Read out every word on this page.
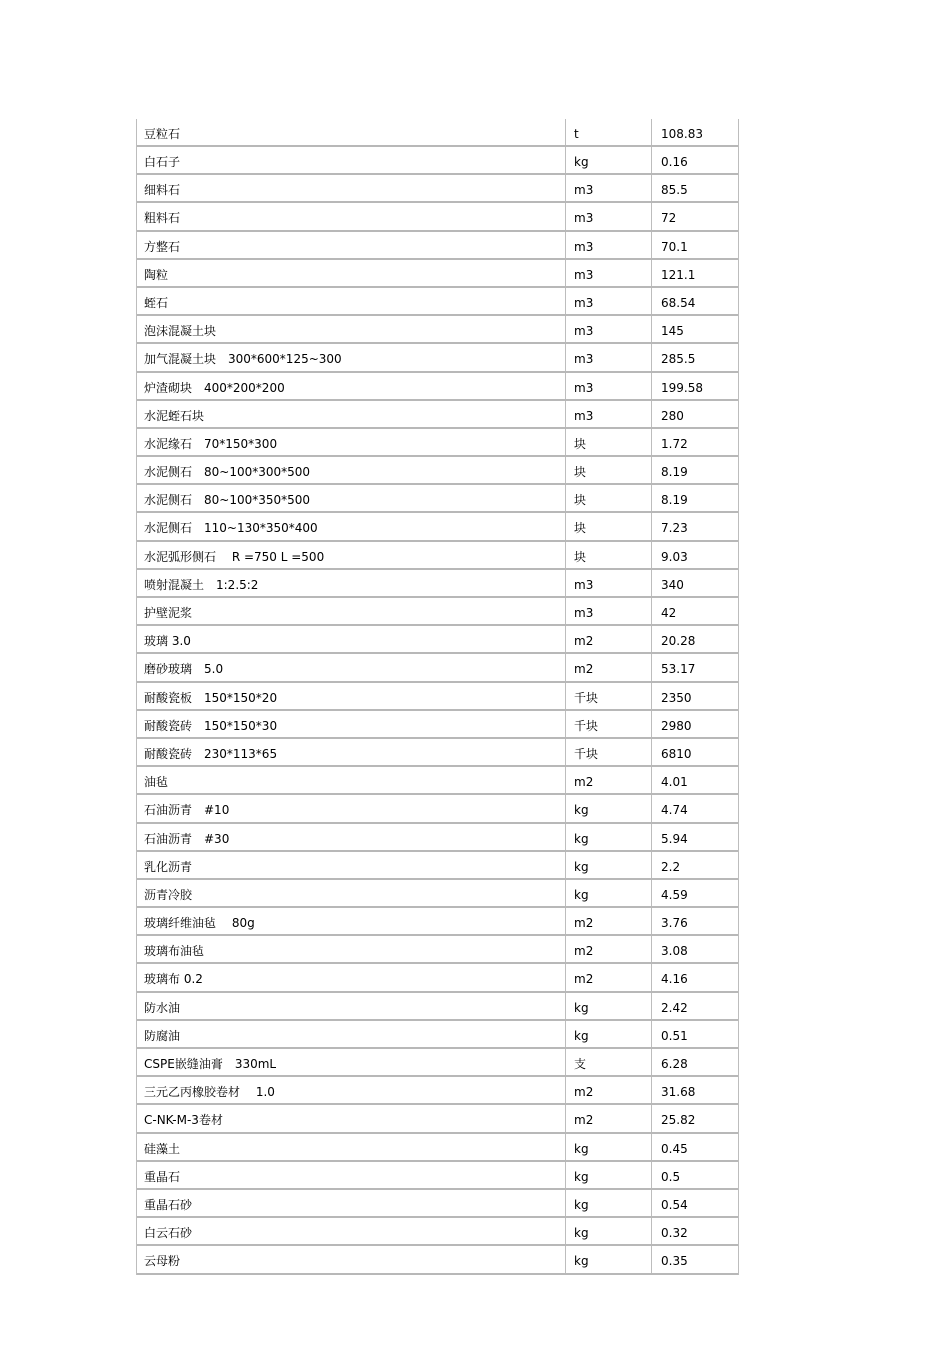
豆粒石	t	108.83
白石子	kg	0.16
细料石	m3	85.5
粗料石	m3	72
方整石	m3	70.1
陶粒	m3	121.1
蛭石	m3	68.54
泡沫混凝土块	m3	145
加气混凝土块　300*600*125~300	m3	285.5
炉渣砌块　400*200*200	m3	199.58
水泥蛭石块	m3	280
水泥缘石　70*150*300	块	1.72
水泥侧石　80~100*300*500	块	8.19
水泥侧石　80~100*350*500	块	8.19
水泥侧石　110~130*350*400	块	7.23
水泥弧形侧石　 R =750 L =500	块	9.03
喷射混凝土　1:2.5:2	m3	340
护壁泥浆	m3	42
玻璃 3.0	m2	20.28
磨砂玻璃　5.0	m2	53.17
耐酸瓷板　150*150*20	千块	2350
耐酸瓷砖　150*150*30	千块	2980
耐酸瓷砖　230*113*65	千块	6810
油毡	m2	4.01
石油沥青　#10	kg	4.74
石油沥青　#30	kg	5.94
乳化沥青	kg	2.2
沥青冷胶	kg	4.59
玻璃纤维油毡　 80g	m2	3.76
玻璃布油毡	m2	3.08
玻璃布 0.2	m2	4.16
防水油	kg	2.42
防腐油	kg	0.51
CSPE嵌缝油膏　330mL	支	6.28
三元乙丙橡胶卷材　 1.0	m2	31.68
C-NK-M-3卷材	m2	25.82
硅藻土	kg	0.45
重晶石	kg	0.5
重晶石砂	kg	0.54
白云石砂	kg	0.32
云母粉	kg	0.35
